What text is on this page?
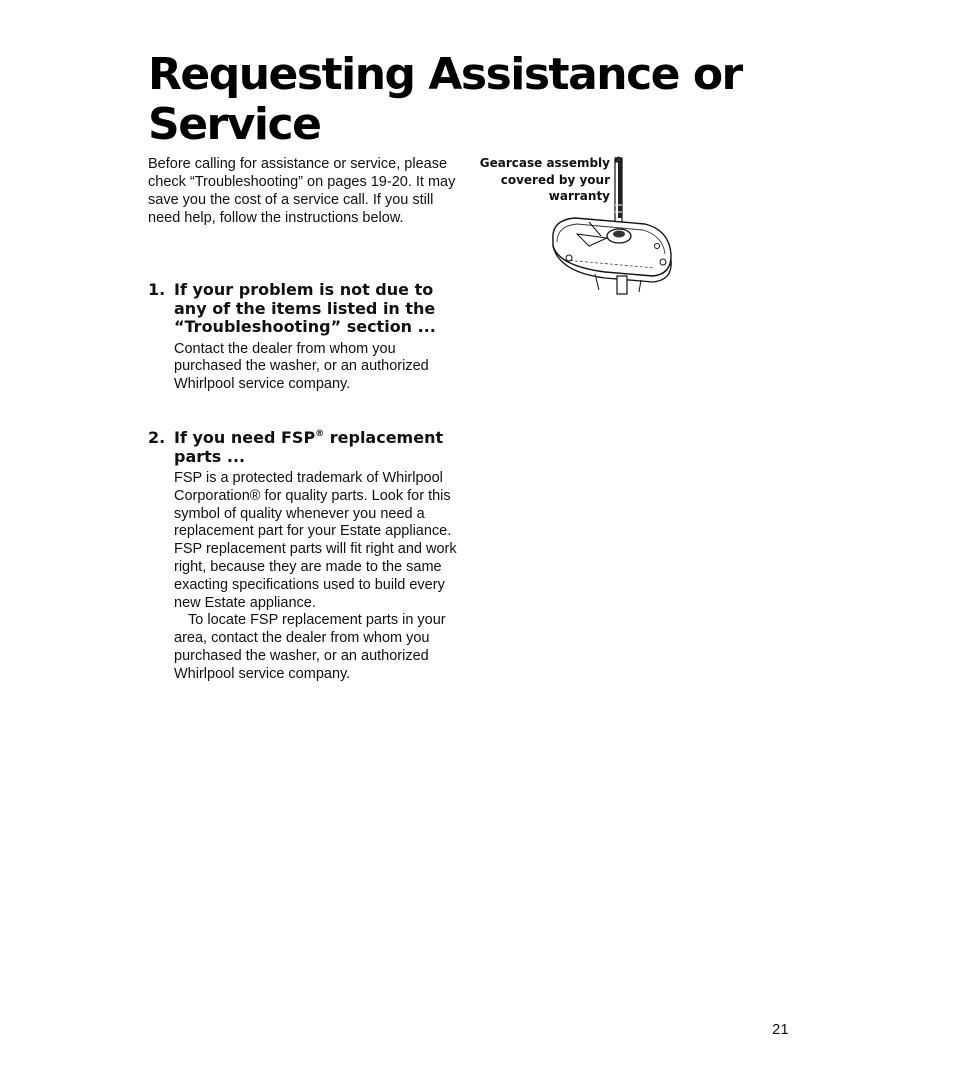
Requesting Assistance or Service

Before calling for assistance or service, please check “Troubleshooting” on pages 19-20. It may save you the cost of a service call. If you still need help, follow the instructions below.

Gearcase assembly
covered by your
warranty

1. If your problem is not due to any of the items listed in the “Troubleshooting” section ...

Contact the dealer from whom you purchased the washer, or an authorized Whirlpool service company.

2. If you need FSP® replacement parts ...

FSP is a protected trademark of Whirlpool Corporation® for quality parts. Look for this symbol of quality whenever you need a replacement part for your Estate appliance. FSP replacement parts will fit right and work right, because they are made to the same exacting specifications used to build every new Estate appliance.

To locate FSP replacement parts in your area, contact the dealer from whom you purchased the washer, or an authorized Whirlpool service company.

21
